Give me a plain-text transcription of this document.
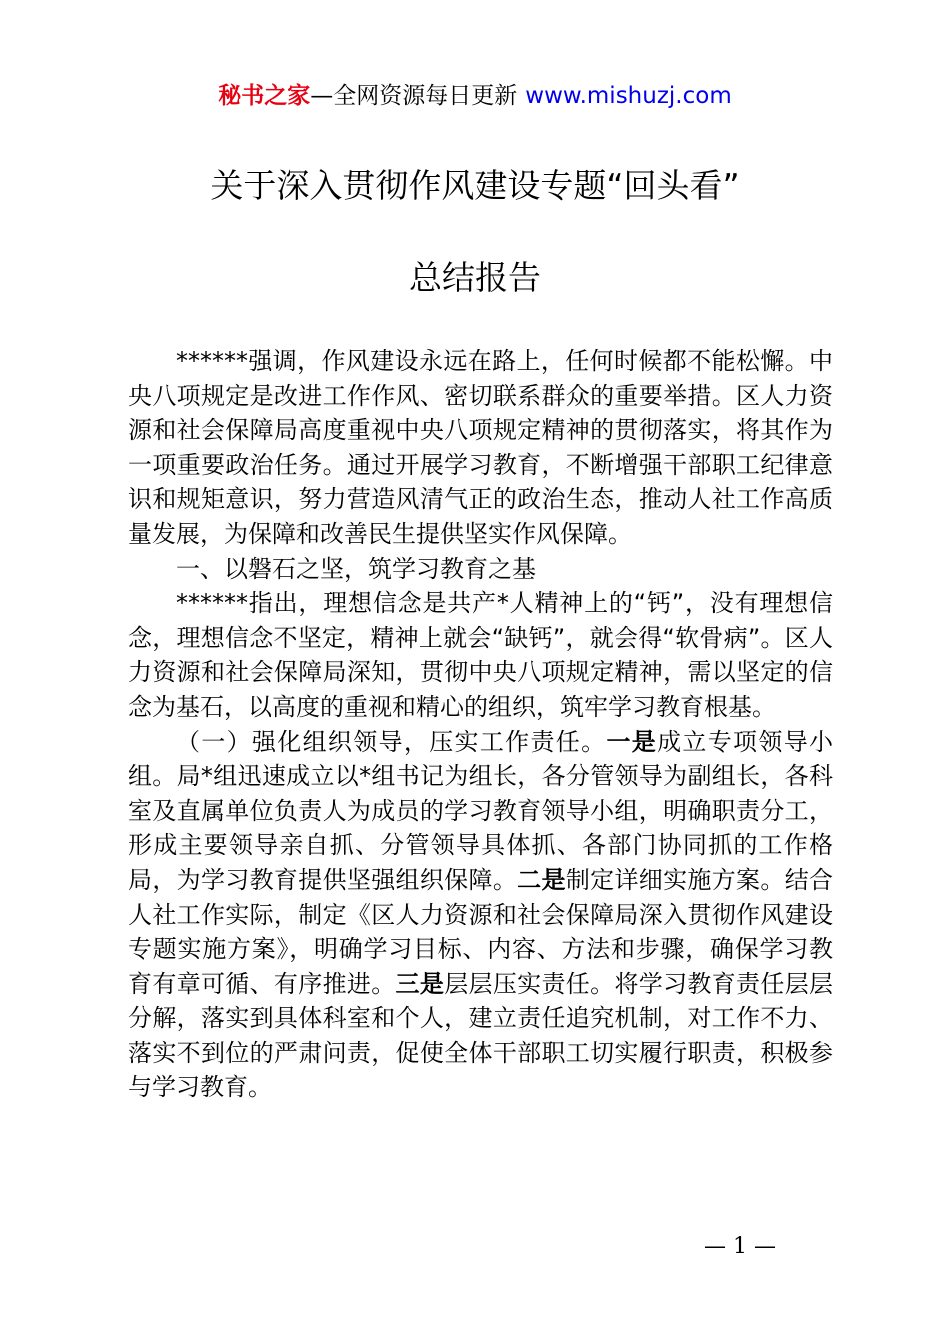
秘书之家—全网资源每日更新 www.mishuzj.com
关于深入贯彻作风建设专题“回头看”
总结报告

******强调，作风建设永远在路上，任何时候都不能松懈。中央八项规定是改进工作作风、密切联系群众的重要举措。区人力资源和社会保障局高度重视中央八项规定精神的贯彻落实，将其作为一项重要政治任务。通过开展学习教育，不断增强干部职工纪律意识和规矩意识，努力营造风清气正的政治生态，推动人社工作高质量发展，为保障和改善民生提供坚实作风保障。

一、以磐石之坚，筑学习教育之基

******指出，理想信念是共产*人精神上的“钙”，没有理想信念，理想信念不坚定，精神上就会“缺钙”，就会得“软骨病”。区人力资源和社会保障局深知，贯彻中央八项规定精神，需以坚定的信念为基石，以高度的重视和精心的组织，筑牢学习教育根基。

（一）强化组织领导，压实工作责任。一是成立专项领导小组。局*组迅速成立以*组书记为组长，各分管领导为副组长，各科室及直属单位负责人为成员的学习教育领导小组，明确职责分工，形成主要领导亲自抓、分管领导具体抓、各部门协同抓的工作格局，为学习教育提供坚强组织保障。二是制定详细实施方案。结合人社工作实际，制定《区人力资源和社会保障局深入贯彻作风建设专题实施方案》，明确学习目标、内容、方法和步骤，确保学习教育有章可循、有序推进。三是层层压实责任。将学习教育责任层层分解，落实到具体科室和个人，建立责任追究机制，对工作不力、落实不到位的严肃问责，促使全体干部职工切实履行职责，积极参与学习教育。

— 1 —
